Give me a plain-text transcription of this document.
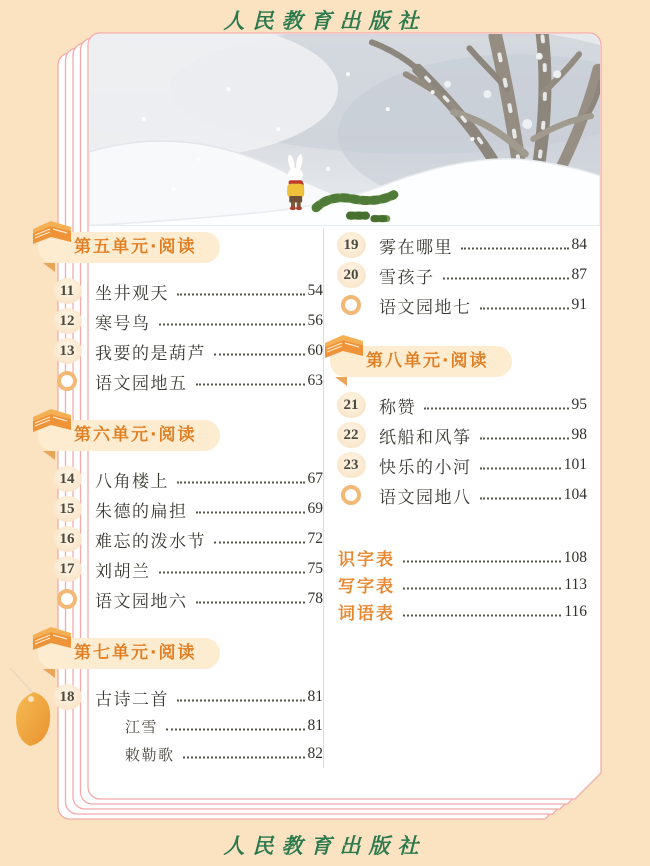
人民教育出版社
第五单元·阅读
11	坐井观天	54
12	寒号鸟	56
13	我要的是葫芦	60
语文园地五	63
第六单元·阅读
14	八角楼上	67
15	朱德的扁担	69
16	难忘的泼水节	72
17	刘胡兰	75
语文园地六	78
第七单元·阅读
18	古诗二首	81
江雪	81
敕勒歌	82
19	雾在哪里	84
20	雪孩子	87
语文园地七	91
第八单元·阅读
21	称赞	95
22	纸船和风筝	98
23	快乐的小河	101
语文园地八	104
识字表	108
写字表	113
词语表	116
人民教育出版社
